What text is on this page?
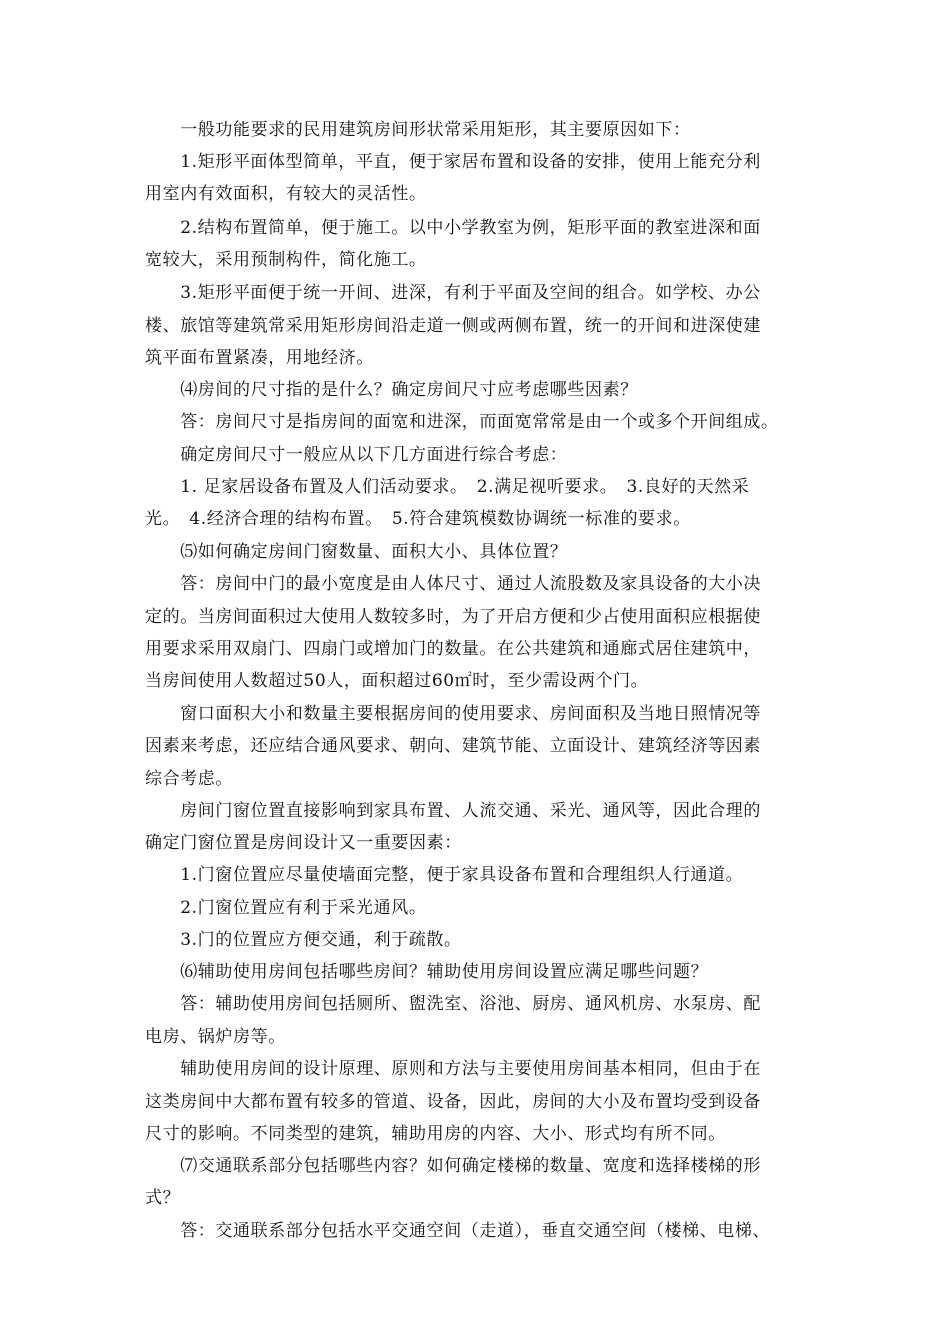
　　一般功能要求的民用建筑房间形状常采用矩形，其主要原因如下：
　　1.矩形平面体型简单，平直，便于家居布置和设备的安排，使用上能充分利
用室内有效面积，有较大的灵活性。
　　2.结构布置简单，便于施工。以中小学教室为例，矩形平面的教室进深和面
宽较大，采用预制构件，简化施工。
　　3.矩形平面便于统一开间、进深，有利于平面及空间的组合。如学校、办公
楼、旅馆等建筑常采用矩形房间沿走道一侧或两侧布置，统一的开间和进深使建
筑平面布置紧凑，用地经济。
　　⑷房间的尺寸指的是什么？确定房间尺寸应考虑哪些因素？
　　答：房间尺寸是指房间的面宽和进深，而面宽常常是由一个或多个开间组成。
　　确定房间尺寸一般应从以下几方面进行综合考虑：
　　1. 足家居设备布置及人们活动要求。　2.满足视听要求。　3.良好的天然采
光。　4.经济合理的结构布置。　5.符合建筑模数协调统一标准的要求。
　　⑸如何确定房间门窗数量、面积大小、具体位置？
　　答：房间中门的最小宽度是由人体尺寸、通过人流股数及家具设备的大小决
定的。当房间面积过大使用人数较多时，为了开启方便和少占使用面积应根据使
用要求采用双扇门、四扇门或增加门的数量。在公共建筑和通廊式居住建筑中，
当房间使用人数超过50人，面积超过60㎡时，至少需设两个门。
　　窗口面积大小和数量主要根据房间的使用要求、房间面积及当地日照情况等
因素来考虑，还应结合通风要求、朝向、建筑节能、立面设计、建筑经济等因素
综合考虑。
　　房间门窗位置直接影响到家具布置、人流交通、采光、通风等，因此合理的
确定门窗位置是房间设计又一重要因素：
　　1.门窗位置应尽量使墙面完整，便于家具设备布置和合理组织人行通道。
　　2.门窗位置应有利于采光通风。
　　3.门的位置应方便交通，利于疏散。
　　⑹辅助使用房间包括哪些房间？辅助使用房间设置应满足哪些问题？
　　答：辅助使用房间包括厕所、盥洗室、浴池、厨房、通风机房、水泵房、配
电房、锅炉房等。
　　辅助使用房间的设计原理、原则和方法与主要使用房间基本相同，但由于在
这类房间中大都布置有较多的管道、设备，因此，房间的大小及布置均受到设备
尺寸的影响。不同类型的建筑，辅助用房的内容、大小、形式均有所不同。
　　⑺交通联系部分包括哪些内容？如何确定楼梯的数量、宽度和选择楼梯的形
式？
　　答：交通联系部分包括水平交通空间（走道），垂直交通空间（楼梯、电梯、
